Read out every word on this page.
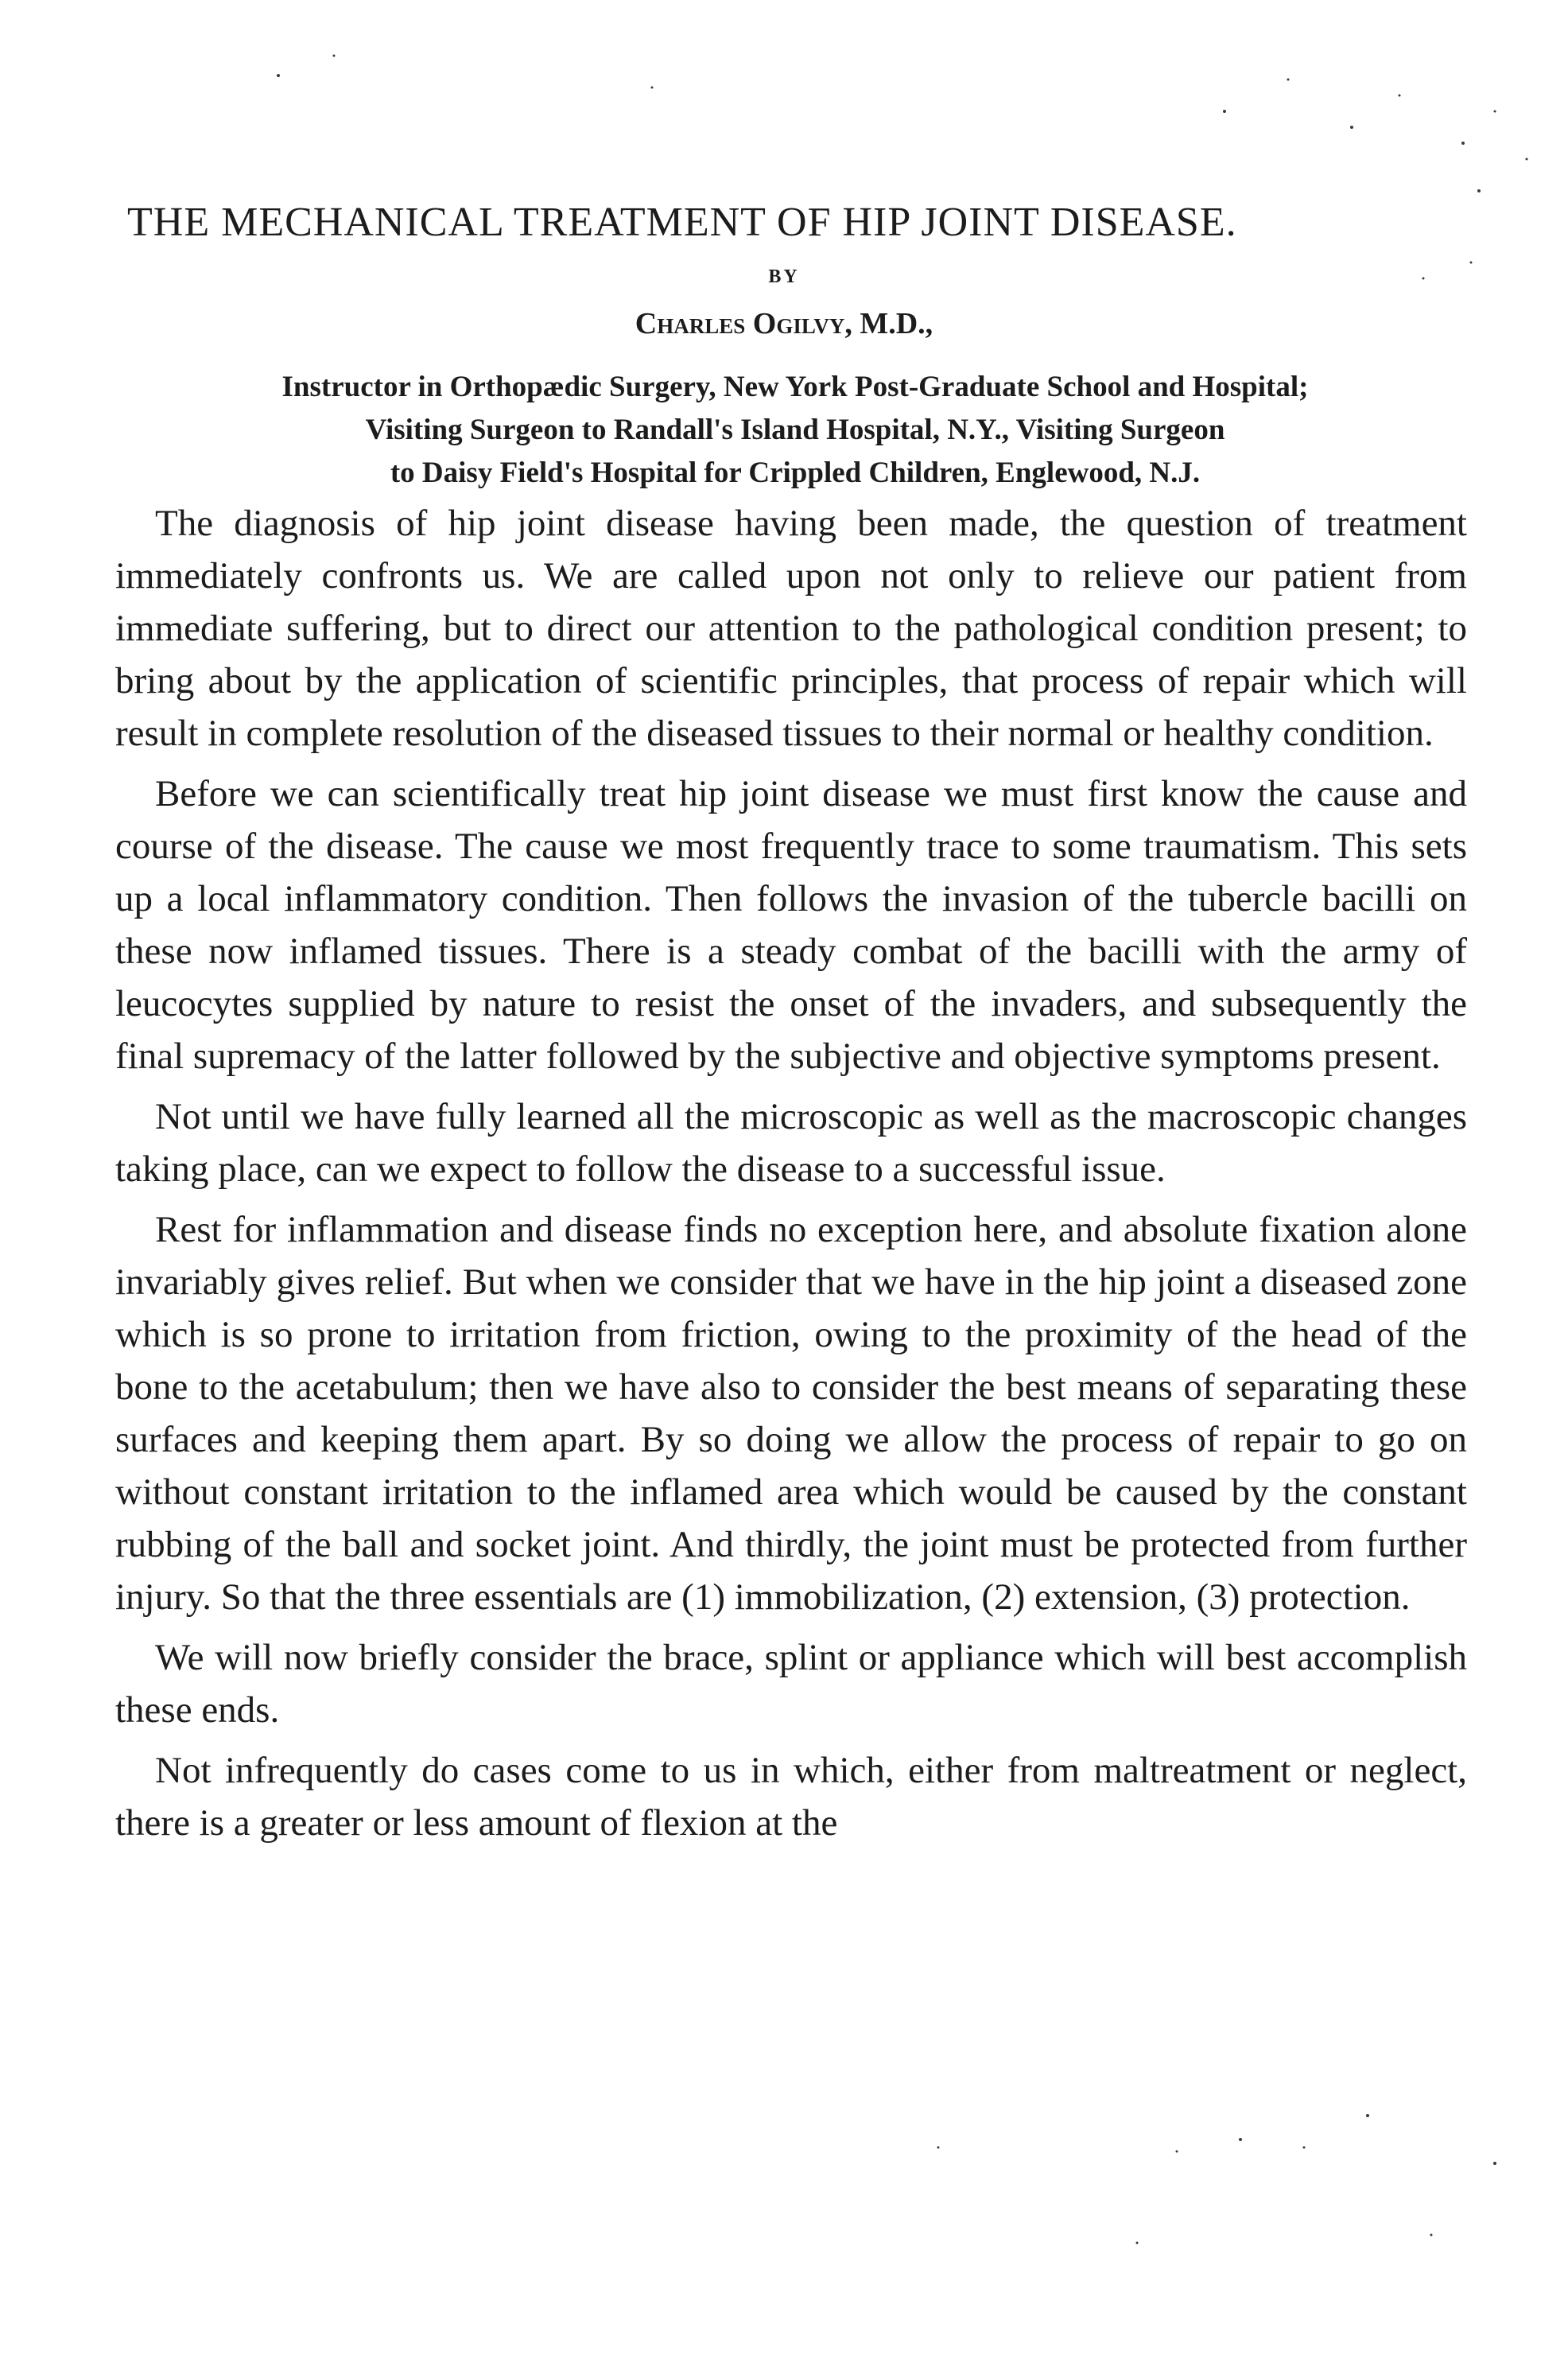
THE MECHANICAL TREATMENT OF HIP JOINT DISEASE.
BY
Charles Ogilvy, M.D.,
Instructor in Orthopædic Surgery, New York Post-Graduate School and Hospital;
Visiting Surgeon to Randall's Island Hospital, N.Y., Visiting Surgeon
to Daisy Field's Hospital for Crippled Children, Englewood, N.J.

The diagnosis of hip joint disease having been made, the question of treatment immediately confronts us. We are called upon not only to relieve our patient from immediate suffering, but to direct our attention to the pathological condition present; to bring about by the application of scientific principles, that process of repair which will result in complete resolution of the diseased tissues to their normal or healthy condition.

Before we can scientifically treat hip joint disease we must first know the cause and course of the disease. The cause we most frequently trace to some traumatism. This sets up a local inflammatory condition. Then follows the invasion of the tubercle bacilli on these now inflamed tissues. There is a steady combat of the bacilli with the army of leucocytes supplied by nature to resist the onset of the invaders, and subsequently the final supremacy of the latter followed by the subjective and objective symptoms present.

Not until we have fully learned all the microscopic as well as the macroscopic changes taking place, can we expect to follow the disease to a successful issue.

Rest for inflammation and disease finds no exception here, and absolute fixation alone invariably gives relief. But when we consider that we have in the hip joint a diseased zone which is so prone to irritation from friction, owing to the proximity of the head of the bone to the acetabulum; then we have also to consider the best means of separating these surfaces and keeping them apart. By so doing we allow the process of repair to go on without constant irritation to the inflamed area which would be caused by the constant rubbing of the ball and socket joint. And thirdly, the joint must be protected from further injury. So that the three essentials are (1) immobilization, (2) extension, (3) protection.

We will now briefly consider the brace, splint or appliance which will best accomplish these ends.

Not infrequently do cases come to us in which, either from maltreatment or neglect, there is a greater or less amount of flexion at the
